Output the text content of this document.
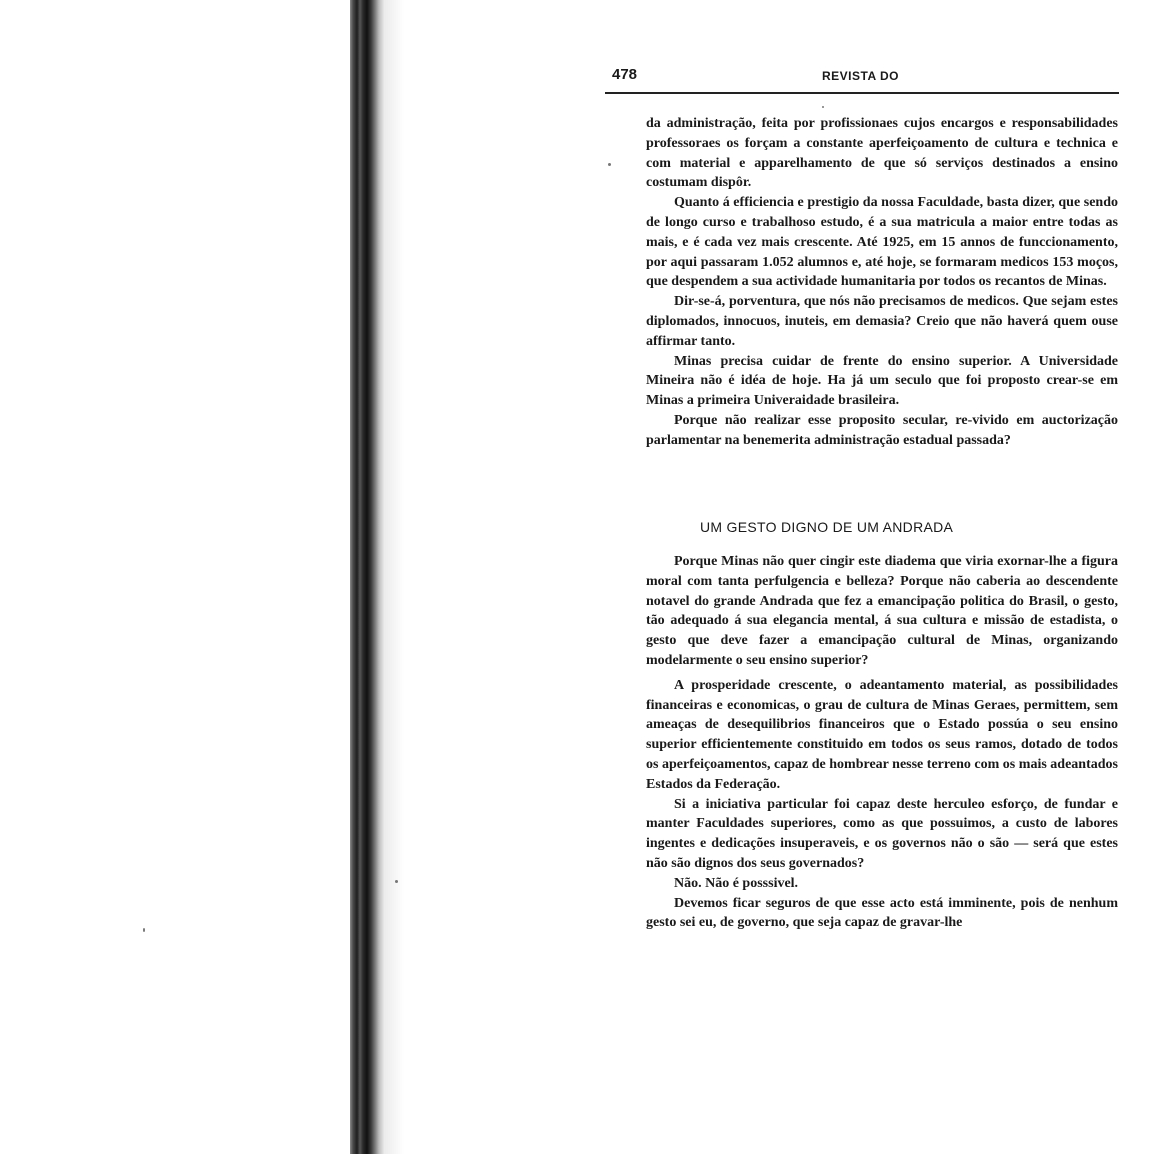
478	REVISTA DO

da administração, feita por profissionaes cujos encargos e responsabilidades professoraes os forçam a constante aperfeiçoamento de cultura e technica e com material e apparelhamento de que só serviços destinados a ensino costumam dispôr.

Quanto á efficiencia e prestigio da nossa Faculdade, basta dizer, que sendo de longo curso e trabalhoso estudo, é a sua matricula a maior entre todas as mais, e é cada vez mais crescente. Até 1925, em 15 annos de funccionamento, por aqui passaram 1.052 alumnos e, até hoje, se formaram medicos 153 moços, que despendem a sua actividade humanitaria por todos os recantos de Minas.

Dir-se-á, porventura, que nós não precisamos de medicos. Que sejam estes diplomados, innocuos, inuteis, em demasia? Creio que não haverá quem ouse affirmar tanto.

Minas precisa cuidar de frente do ensino superior. A Universidade Mineira não é idéa de hoje. Ha já um seculo que foi proposto crear-se em Minas a primeira Univeraidade brasileira.

Porque não realizar esse proposito secular, re-vivido em auctorização parlamentar na benemerita administração estadual passada?

UM GESTO DIGNO DE UM ANDRADA

Porque Minas não quer cingir este diadema que viria exornar-lhe a figura moral com tanta perfulgencia e belleza? Porque não caberia ao descendente notavel do grande Andrada que fez a emancipação politica do Brasil, o gesto, tão adequado á sua elegancia mental, á sua cultura e missão de estadista, o gesto que deve fazer a emancipação cultural de Minas, organizando modelarmente o seu ensino superior?

A prosperidade crescente, o adeantamento material, as possibilidades financeiras e economicas, o grau de cultura de Minas Geraes, permittem, sem ameaças de desequilibrios financeiros que o Estado possúa o seu ensino superior efficientemente constituido em todos os seus ramos, dotado de todos os aperfeiçoamentos, capaz de hombrear nesse terreno com os mais adeantados Estados da Federação.

Si a iniciativa particular foi capaz deste herculeo esforço, de fundar e manter Faculdades superiores, como as que possuimos, a custo de labores ingentes e dedicações insuperaveis, e os governos não o são — será que estes não são dignos dos seus governados?

Não. Não é posssivel.

Devemos ficar seguros de que esse acto está imminente, pois de nenhum gesto sei eu, de governo, que seja capaz de gravar-lhe
